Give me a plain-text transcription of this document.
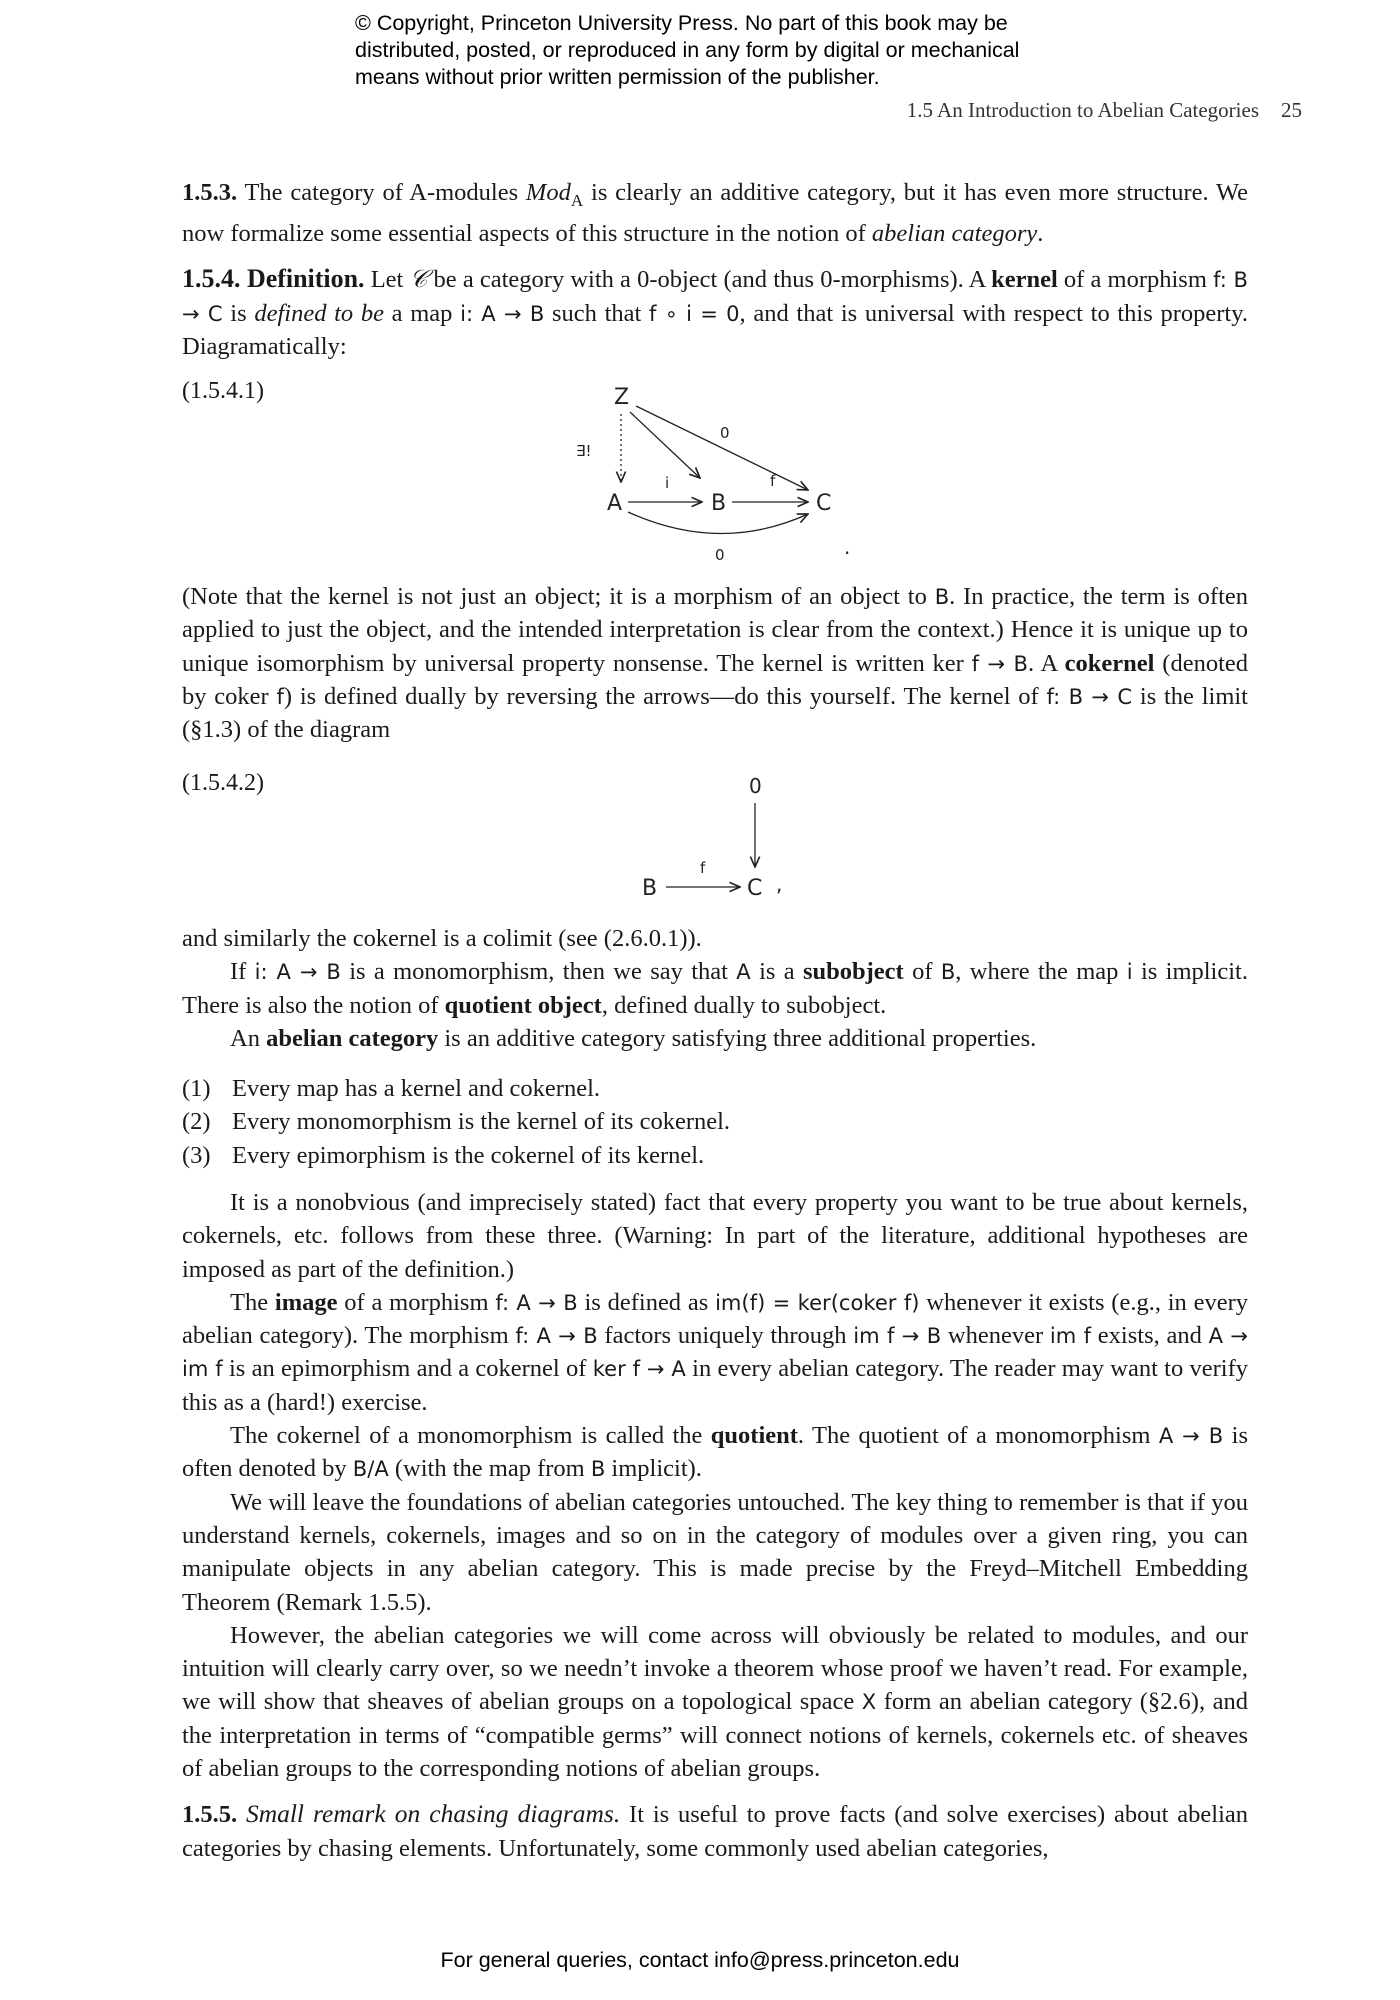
© Copyright, Princeton University Press. No part of this book may be
distributed, posted, or reproduced in any form by digital or mechanical
means without prior written permission of the publisher.
1.5 An Introduction to Abelian Categories 25

1.5.3. The category of A-modules Mod$_A$ is clearly an additive category, but it has even more structure. We now formalize some essential aspects of this structure in the notion of abelian category.

1.5.4. Definition. Let 𝒞 be a category with a 0-object (and thus 0-morphisms). A kernel of a morphism f: B → C is defined to be a map i: A → B such that f ∘ i = 0, and that is universal with respect to this property. Diagramatically:

(1.5.4.1)	Z
A	B	C
∃!
i	f
0
0	.
(Note that the kernel is not just an object; it is a morphism of an object to B. In practice, the term is often applied to just the object, and the intended interpretation is clear from the context.) Hence it is unique up to unique isomorphism by universal property nonsense. The kernel is written ker f → B. A cokernel (denoted by coker f) is defined dually by reversing the arrows—do this yourself. The kernel of f: B → C is the limit (§1.3) of the diagram
(1.5.4.2)	0
B	C
f
,

and similarly the cokernel is a colimit (see (2.6.0.1)).

If i: A → B is a monomorphism, then we say that A is a subobject of B, where the map i is implicit. There is also the notion of quotient object, defined dually to subobject.

An abelian category is an additive category satisfying three additional properties.

(1) Every map has a kernel and cokernel.
(2) Every monomorphism is the kernel of its cokernel.
(3) Every epimorphism is the cokernel of its kernel.

It is a nonobvious (and imprecisely stated) fact that every property you want to be true about kernels, cokernels, etc. follows from these three. (Warning: In part of the literature, additional hypotheses are imposed as part of the definition.)

The image of a morphism f: A → B is defined as im(f) = ker(coker f) whenever it exists (e.g., in every abelian category). The morphism f: A → B factors uniquely through im f → B whenever im f exists, and A → im f is an epimorphism and a cokernel of ker f → A in every abelian category. The reader may want to verify this as a (hard!) exercise.

The cokernel of a monomorphism is called the quotient. The quotient of a monomorphism A → B is often denoted by B/A (with the map from B implicit).

We will leave the foundations of abelian categories untouched. The key thing to remember is that if you understand kernels, cokernels, images and so on in the category of modules over a given ring, you can manipulate objects in any abelian category. This is made precise by the Freyd–Mitchell Embedding Theorem (Remark 1.5.5).

However, the abelian categories we will come across will obviously be related to modules, and our intuition will clearly carry over, so we needn’t invoke a theorem whose proof we haven’t read. For example, we will show that sheaves of abelian groups on a topological space X form an abelian category (§2.6), and the interpretation in terms of “compatible germs” will connect notions of kernels, cokernels etc. of sheaves of abelian groups to the corresponding notions of abelian groups.

1.5.5. Small remark on chasing diagrams. It is useful to prove facts (and solve exercises) about abelian categories by chasing elements. Unfortunately, some commonly used abelian categories,

For general queries, contact info@press.princeton.edu
